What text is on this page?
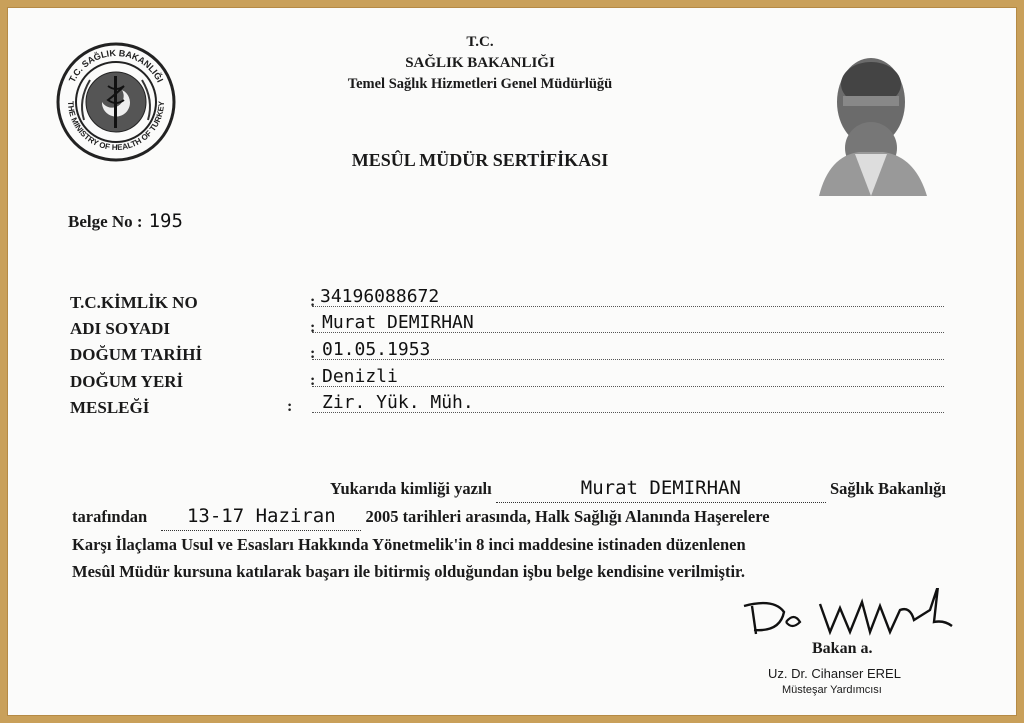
T.C. SAĞLIK BAKANLIĞI
THE MINISTRY OF HEALTH OF TURKEY
T.C.
SAĞLIK BAKANLIĞI
Temel Sağlık Hizmetleri Genel Müdürlüğü
MESÛL MÜDÜR SERTİFİKASI
Belge No : 195
T.C.KİMLİK NO
ADI SOYADI
DOĞUM TARİHİ
DOĞUM YERİ
MESLEĞİ
:
:
:
:
:
34196088672
Murat DEMIRHAN
01.05.1953
Denizli
Zir. Yük. Müh.
Yukarıda kimliği yazılı	Murat DEMIRHAN	Sağlık Bakanlığı
tarafından 13-17 Haziran 2005 tarihleri arasında, Halk Sağlığı Alanında Haşerelere
Karşı İlaçlama Usul ve Esasları Hakkında Yönetmelik'in 8 inci maddesine istinaden düzenlenen
Mesûl Müdür kursuna katılarak başarı ile bitirmiş olduğundan işbu belge kendisine verilmiştir.
Bakan a.
Uz. Dr. Cihanser EREL
Müsteşar Yardımcısı
